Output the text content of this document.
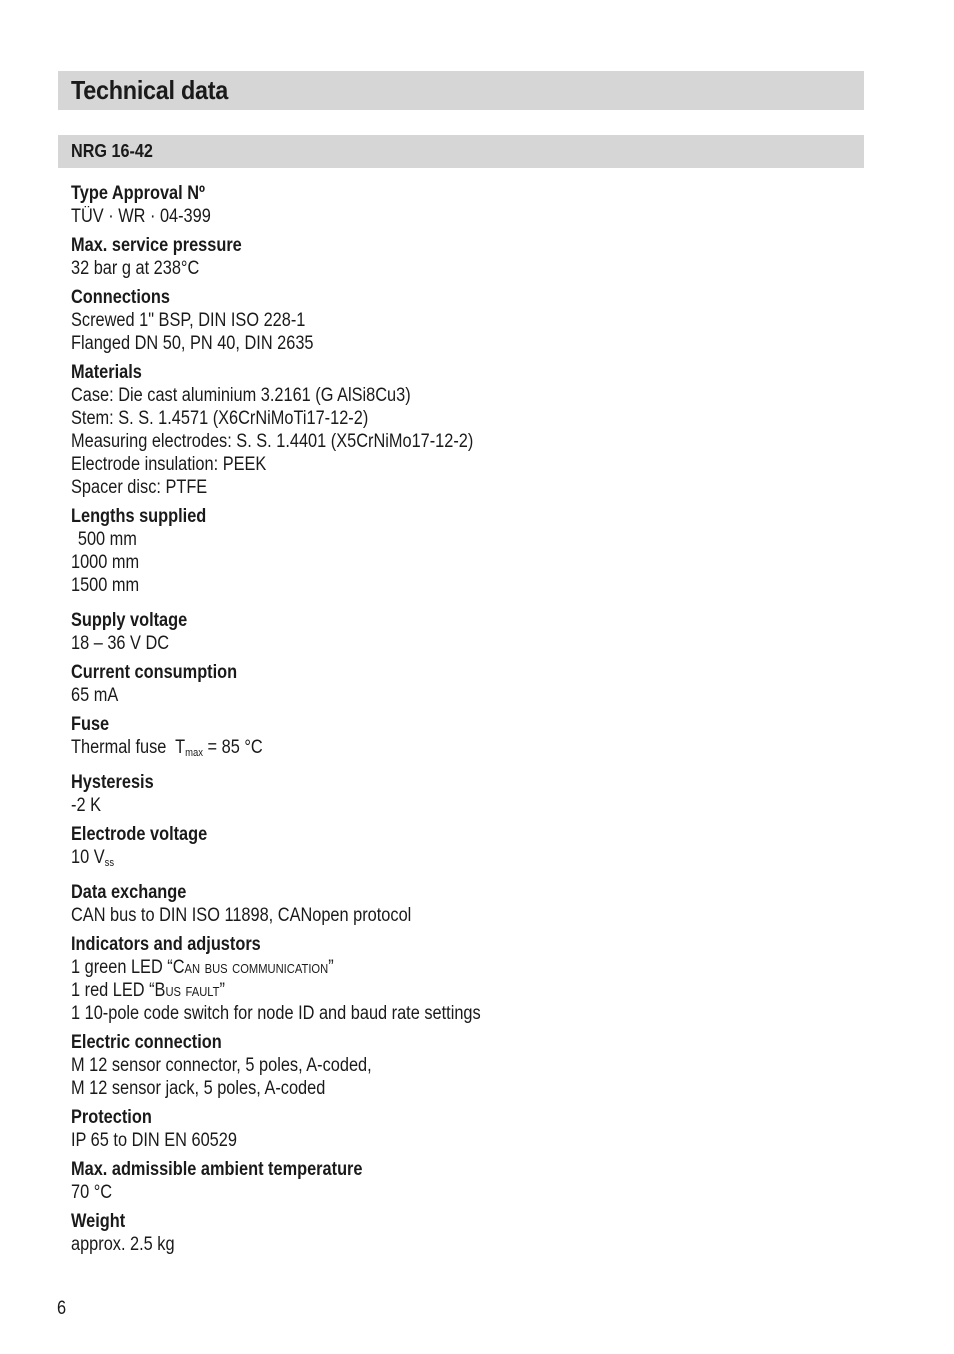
Technical data
NRG 16-42
Type Approval Nº
TÜV · WR · 04-399
Max. service pressure
32 bar g at 238°C
Connections
Screwed 1" BSP, DIN ISO 228-1
Flanged DN 50, PN 40, DIN 2635
Materials
Case: Die cast aluminium 3.2161 (G AlSi8Cu3)
Stem: S. S. 1.4571 (X6CrNiMoTi17-12-2)
Measuring electrodes: S. S. 1.4401 (X5CrNiMo17-12-2)
Electrode insulation: PEEK
Spacer disc: PTFE
Lengths supplied
500 mm
1000 mm
1500 mm
Supply voltage
18 – 36 V DC
Current consumption
65 mA
Fuse
Thermal fuse  $T_{max} = 85$ °C
Hysteresis
-2 K
Electrode voltage
10 $V_{ss}$
Data exchange
CAN bus to DIN ISO 11898, CANopen protocol
Indicators and adjustors
1 green LED “Can bus communication”
1 red LED “Bus fault”
1 10-pole code switch for node ID and baud rate settings
Electric connection
M 12 sensor connector, 5 poles, A-coded,
M 12 sensor jack, 5 poles, A-coded
Protection
IP 65 to DIN EN 60529
Max. admissible ambient temperature
70 °C
Weight
approx. 2.5 kg
6
